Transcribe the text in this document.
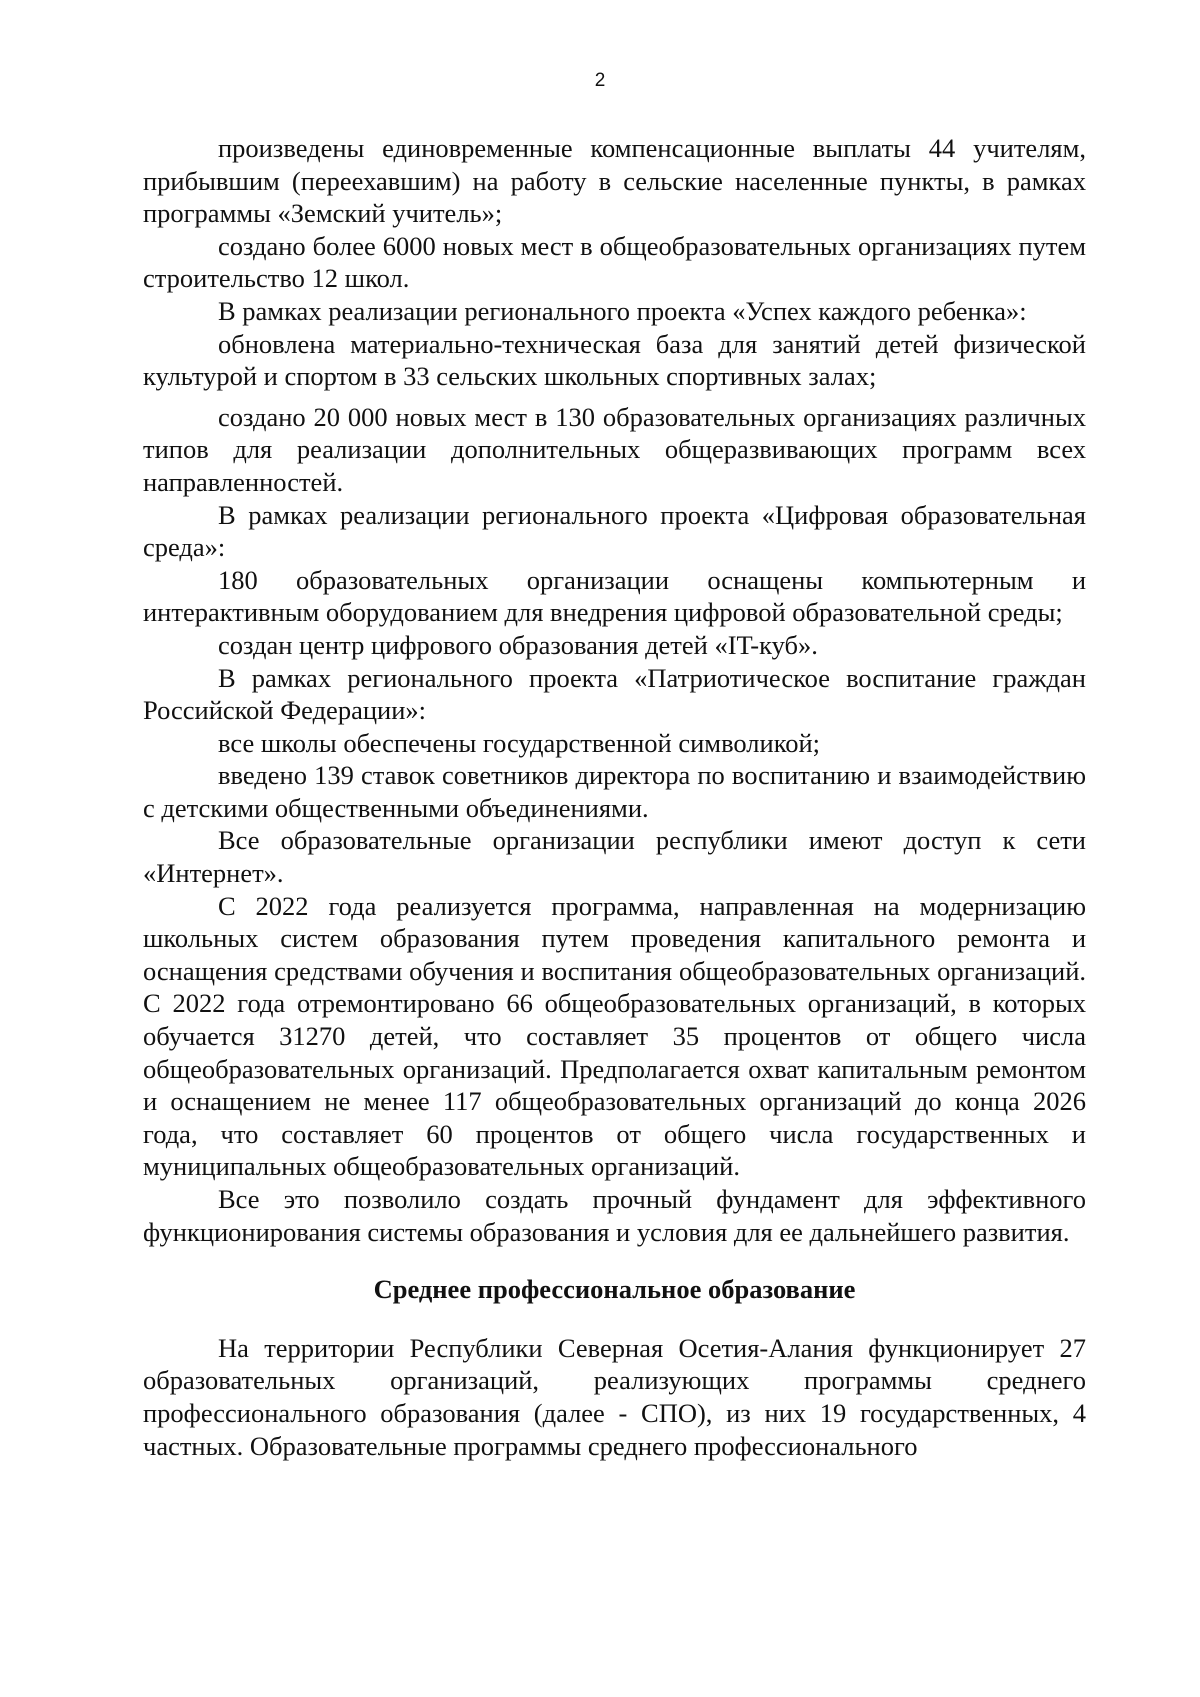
2

произведены единовременные компенсационные выплаты 44 учителям, прибывшим (переехавшим) на работу в сельские населенные пункты, в рамках программы «Земский учитель»;

создано более 6000 новых мест в общеобразовательных организациях путем строительство 12 школ.

В рамках реализации регионального проекта «Успех каждого ребенка»:

обновлена материально-техническая база для занятий детей физической культурой и спортом в 33 сельских школьных спортивных залах;

создано 20 000 новых мест в 130 образовательных организациях различных типов для реализации дополнительных общеразвивающих программ всех направленностей.

В рамках реализации регионального проекта «Цифровая образовательная среда»:

180 образовательных организации оснащены компьютерным и интерактивным оборудованием для внедрения цифровой образовательной среды;

создан центр цифрового образования детей «IT-куб».

В рамках регионального проекта «Патриотическое воспитание граждан Российской Федерации»:

все школы обеспечены государственной символикой;

введено 139 ставок советников директора по воспитанию и взаимодействию с детскими общественными объединениями.

Все образовательные организации республики имеют доступ к сети «Интернет».

С 2022 года реализуется программа, направленная на модернизацию школьных систем образования путем проведения капитального ремонта и оснащения средствами обучения и воспитания общеобразовательных организаций. С 2022 года отремонтировано 66 общеобразовательных организаций, в которых обучается 31270 детей, что составляет 35 процентов от общего числа общеобразовательных организаций. Предполагается охват капитальным ремонтом и оснащением не менее 117 общеобразовательных организаций до конца 2026 года, что составляет 60 процентов от общего числа государственных и муниципальных общеобразовательных организаций.

Все это позволило создать прочный фундамент для эффективного функционирования системы образования и условия для ее дальнейшего развития.

Среднее профессиональное образование

На территории Республики Северная Осетия-Алания функционирует 27 образовательных организаций, реализующих программы среднего профессионального образования (далее - СПО), из них 19 государственных, 4 частных. Образовательные программы среднего профессионального
